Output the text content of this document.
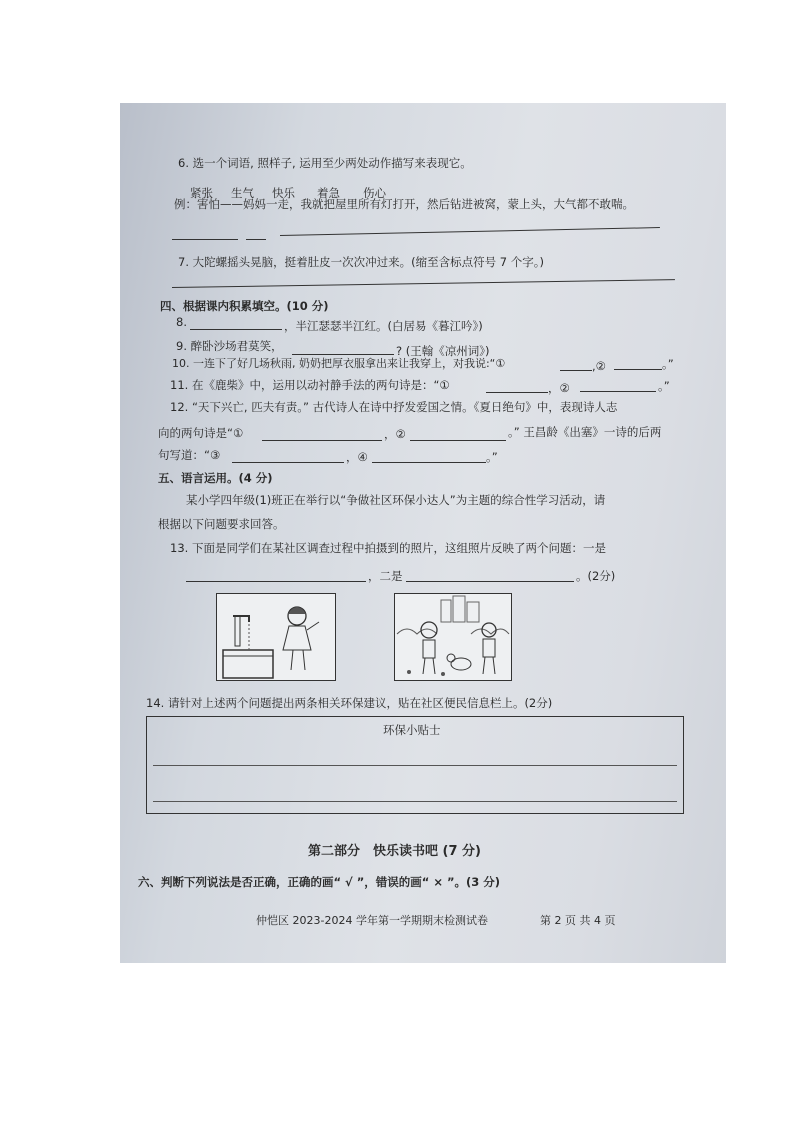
6. 选一个词语, 照样子, 运用至少两处动作描写来表现它。
紧张 生气 快乐 着急 伤心
例：害怕——妈妈一走，我就把屋里所有灯打开，然后钻进被窝，蒙上头，大气都不敢喘。
7. 大陀螺摇头晃脑，挺着肚皮一次次冲过来。(缩至含标点符号 7 个字。)
四、根据课内积累填空。(10 分)
8.	，半江瑟瑟半江红。(白居易《暮江吟》)
9. 醉卧沙场君莫笑，	? (王翰《凉州词》)
10. 一连下了好几场秋雨, 奶奶把厚衣服拿出来让我穿上，对我说:“①	,②	。”
11. 在《鹿柴》中，运用以动衬静手法的两句诗是：“①	，②	。”
12. “天下兴亡, 匹夫有责。” 古代诗人在诗中抒发爱国之情。《夏日绝句》中，表现诗人志
向的两句诗是“①	，②	。” 王昌龄《出塞》一诗的后两
句写道：“③	，④	。”
五、语言运用。(4 分)
某小学四年级(1)班正在举行以“争做社区环保小达人”为主题的综合性学习活动，请
根据以下问题要求回答。
13. 下面是同学们在某社区调查过程中拍摄到的照片，这组照片反映了两个问题：一是
，二是	。(2分)
14. 请针对上述两个问题提出两条相关环保建议，贴在社区便民信息栏上。(2分)
环保小贴士
第二部分　快乐读书吧 (7 分)
六、判断下列说法是否正确，正确的画“ √ ”，错误的画“ × ”。(3 分)
仲恺区 2023-2024 学年第一学期期末检测试卷	第 2 页 共 4 页
